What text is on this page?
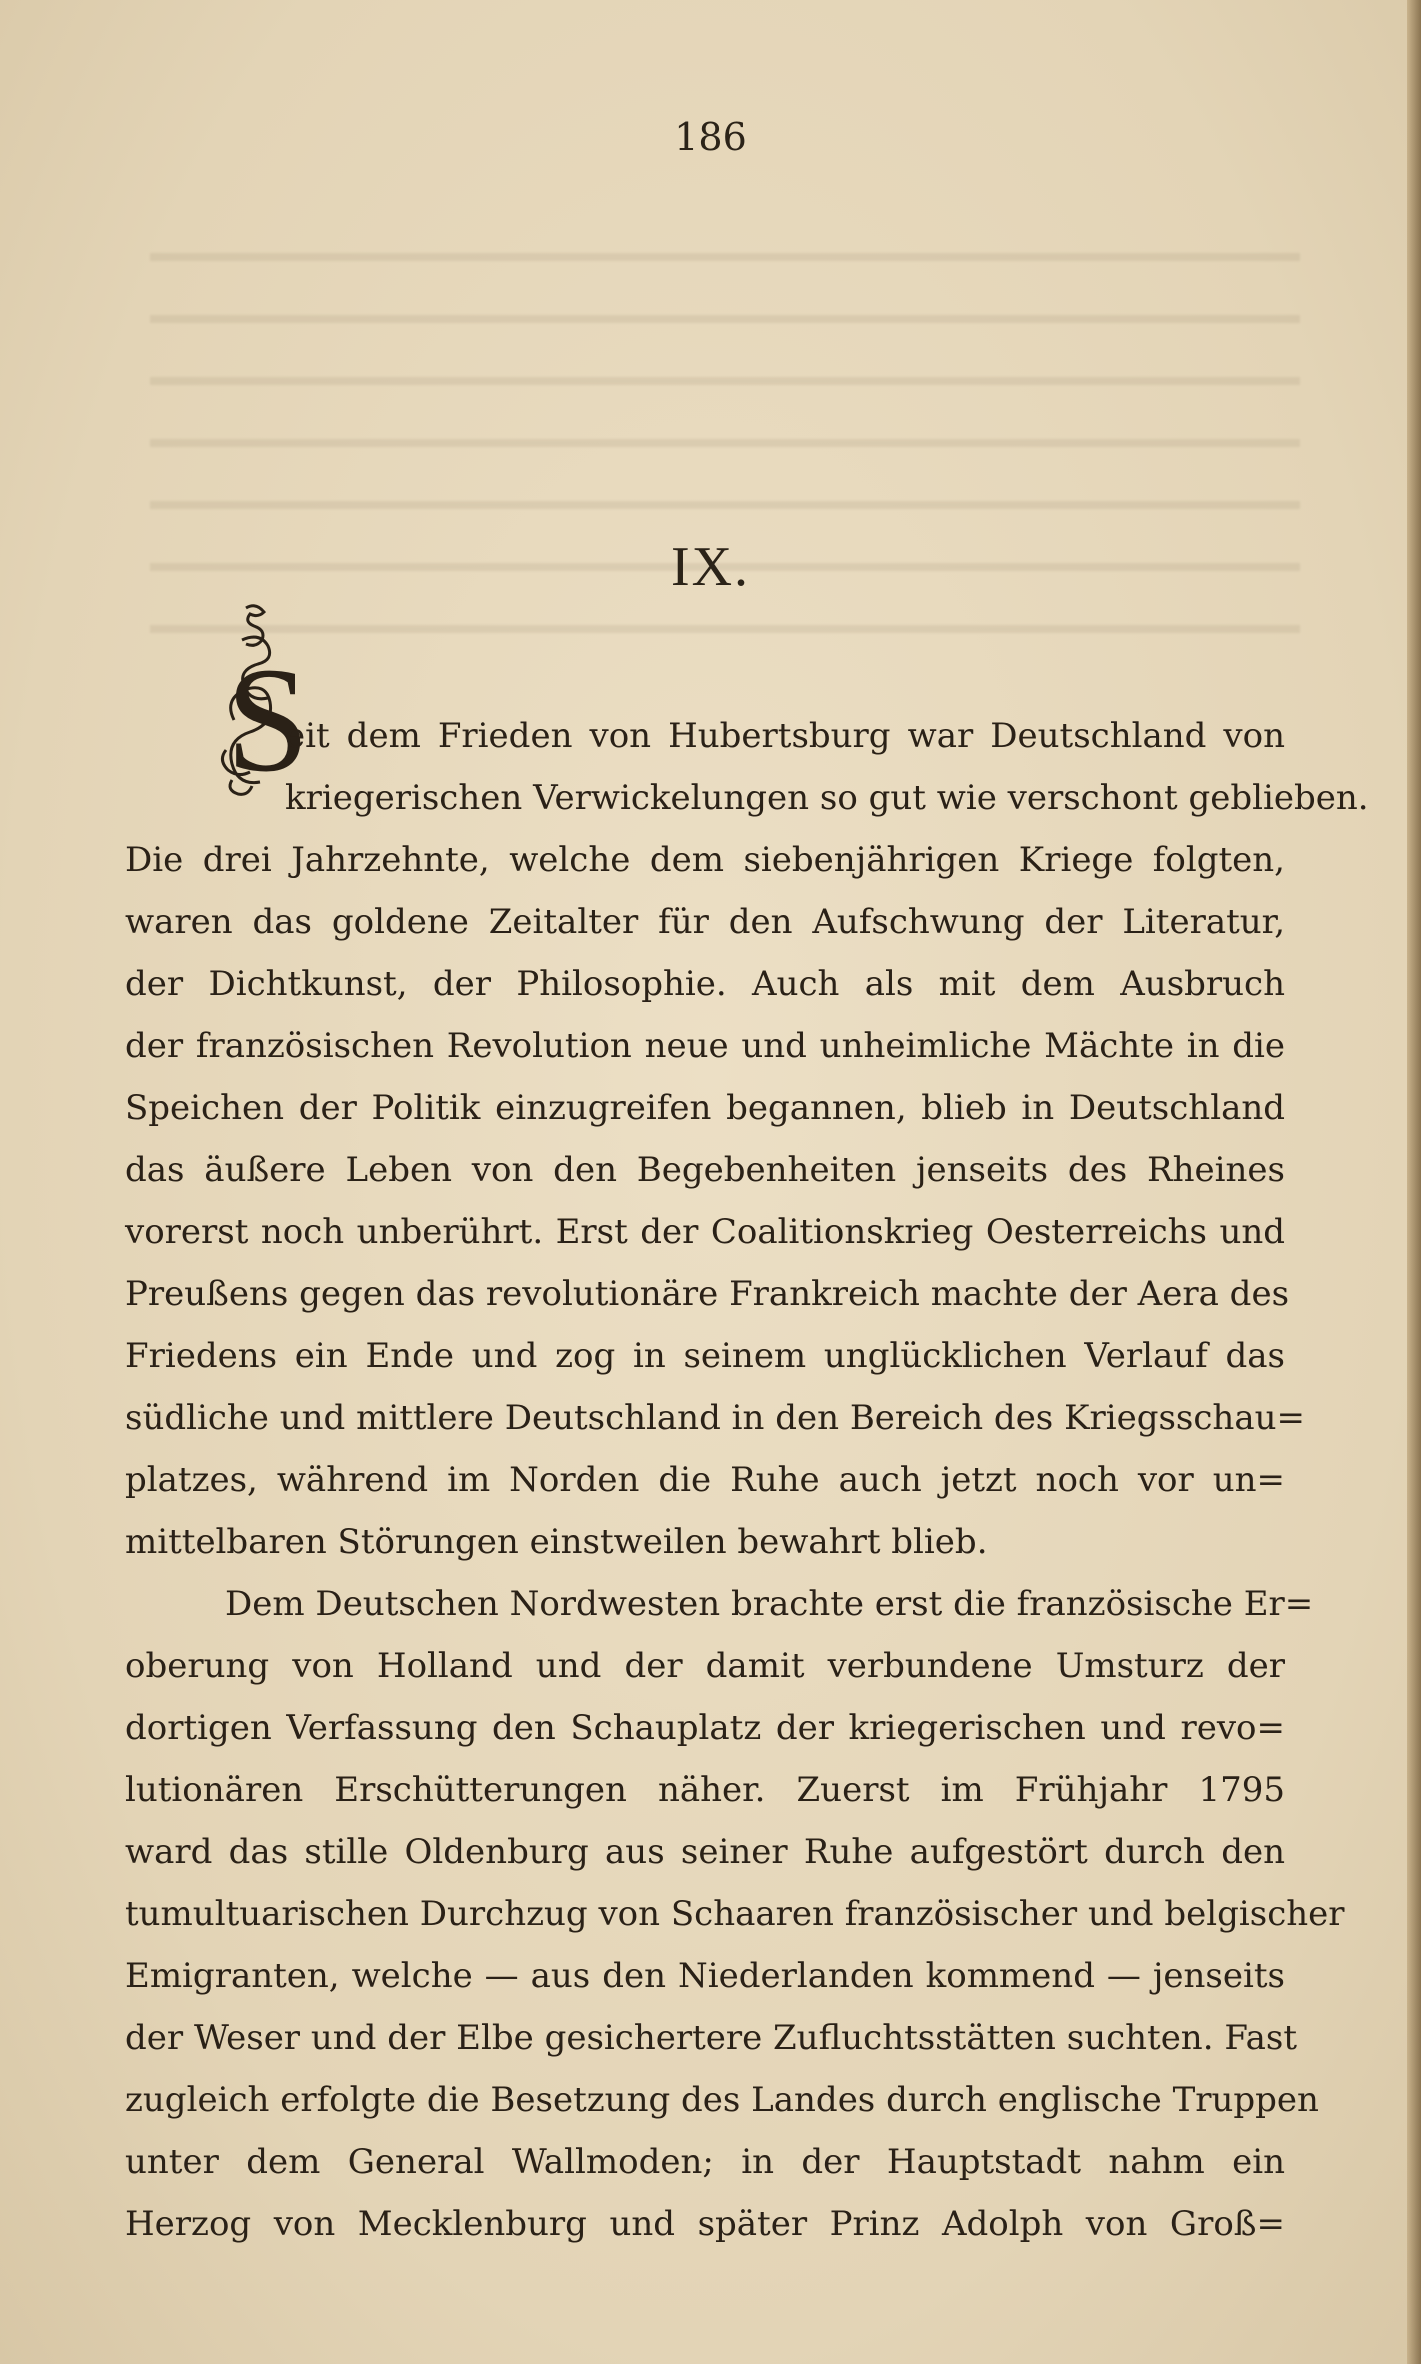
186
IX.
S
eit dem Frieden von Hubertsburg war Deutschland von
kriegerischen Verwickelungen so gut wie verschont geblieben.
Die drei Jahrzehnte, welche dem siebenjährigen Kriege folgten,
waren das goldene Zeitalter für den Aufschwung der Literatur,
der Dichtkunst, der Philosophie. Auch als mit dem Ausbruch
der französischen Revolution neue und unheimliche Mächte in die
Speichen der Politik einzugreifen begannen, blieb in Deutschland
das äußere Leben von den Begebenheiten jenseits des Rheines
vorerst noch unberührt. Erst der Coalitionskrieg Oesterreichs und
Preußens gegen das revolutionäre Frankreich machte der Aera des
Friedens ein Ende und zog in seinem unglücklichen Verlauf das
südliche und mittlere Deutschland in den Bereich des Kriegsschau=
platzes, während im Norden die Ruhe auch jetzt noch vor un=
mittelbaren Störungen einstweilen bewahrt blieb.
Dem Deutschen Nordwesten brachte erst die französische Er=
oberung von Holland und der damit verbundene Umsturz der
dortigen Verfassung den Schauplatz der kriegerischen und revo=
lutionären Erschütterungen näher. Zuerst im Frühjahr 1795
ward das stille Oldenburg aus seiner Ruhe aufgestört durch den
tumultuarischen Durchzug von Schaaren französischer und belgischer
Emigranten, welche — aus den Niederlanden kommend — jenseits
der Weser und der Elbe gesichertere Zufluchtsstätten suchten. Fast
zugleich erfolgte die Besetzung des Landes durch englische Truppen
unter dem General Wallmoden; in der Hauptstadt nahm ein
Herzog von Mecklenburg und später Prinz Adolph von Groß=
